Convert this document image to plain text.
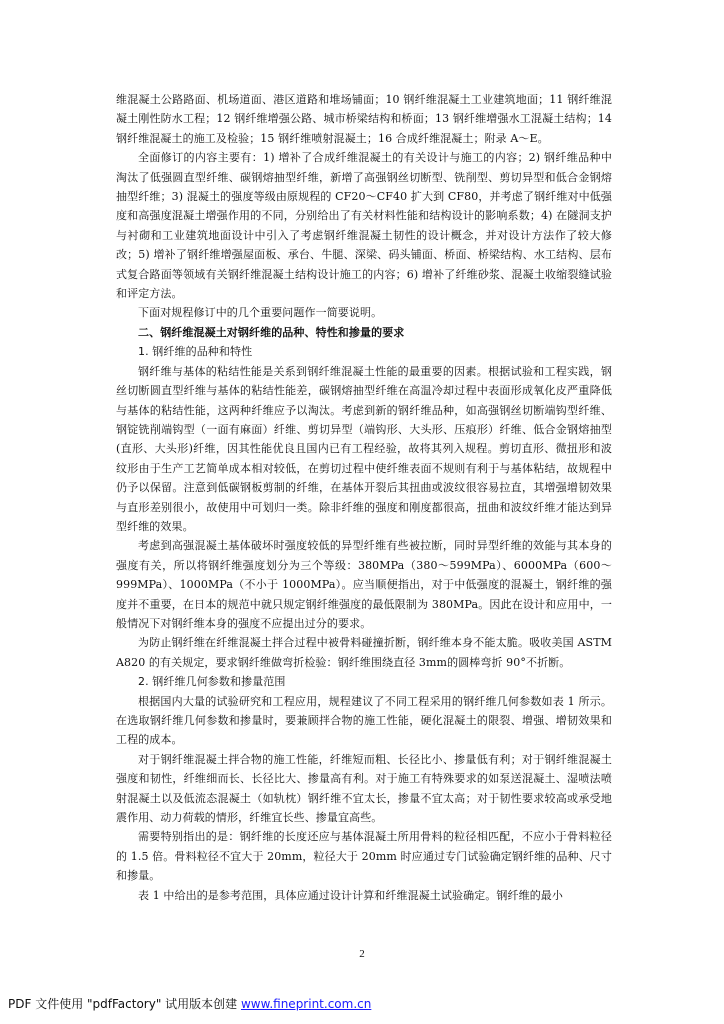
维混凝土公路路面、机场道面、港区道路和堆场铺面；10 钢纤维混凝土工业建筑地面；11 钢纤维混凝土刚性防水工程；12 钢纤维增强公路、城市桥梁结构和桥面；13 钢纤维增强水工混凝土结构；14 钢纤维混凝土的施工及检验；15 钢纤维喷射混凝土；16 合成纤维混凝土；附录 A～E。

全面修订的内容主要有：1) 增补了合成纤维混凝土的有关设计与施工的内容；2) 钢纤维品种中淘汰了低强圆直型纤维、碳钢熔抽型纤维，新增了高强钢丝切断型、铣削型、剪切异型和低合金钢熔抽型纤维；3) 混凝土的强度等级由原规程的 CF20～CF40 扩大到 CF80，并考虑了钢纤维对中低强度和高强度混凝土增强作用的不同，分别给出了有关材料性能和结构设计的影响系数；4) 在隧洞支护与衬砌和工业建筑地面设计中引入了考虑钢纤维混凝土韧性的设计概念，并对设计方法作了较大修改；5) 增补了钢纤维增强屋面板、承台、牛腿、深梁、码头铺面、桥面、桥梁结构、水工结构、层布式复合路面等领域有关钢纤维混凝土结构设计施工的内容；6) 增补了纤维砂浆、混凝土收缩裂缝试验和评定方法。

下面对规程修订中的几个重要问题作一简要说明。

二、钢纤维混凝土对钢纤维的品种、特性和掺量的要求

1. 钢纤维的品种和特性

钢纤维与基体的粘结性能是关系到钢纤维混凝土性能的最重要的因素。根据试验和工程实践，钢丝切断圆直型纤维与基体的粘结性能差，碳钢熔抽型纤维在高温冷却过程中表面形成氧化皮严重降低与基体的粘结性能，这两种纤维应予以淘汰。考虑到新的钢纤维品种，如高强钢丝切断端钩型纤维、钢锭铣削端钩型（一面有麻面）纤维、剪切异型（端钩形、大头形、压痕形）纤维、低合金钢熔抽型(直形、大头形)纤维，因其性能优良且国内已有工程经验，故将其列入规程。剪切直形、微扭形和波纹形由于生产工艺简单成本相对较低，在剪切过程中使纤维表面不规则有利于与基体粘结，故规程中仍予以保留。注意到低碳钢板剪制的纤维，在基体开裂后其扭曲或波纹很容易拉直，其增强增韧效果与直形差别很小，故使用中可划归一类。除非纤维的强度和刚度都很高，扭曲和波纹纤维才能达到异型纤维的效果。

考虑到高强混凝土基体破坏时强度较低的异型纤维有些被拉断，同时异型纤维的效能与其本身的强度有关，所以将钢纤维强度划分为三个等级：380MPa（380～599MPa）、6000MPa（600～999MPa）、1000MPa（不小于 1000MPa）。应当顺便指出，对于中低强度的混凝土，钢纤维的强度并不重要，在日本的规范中就只规定钢纤维强度的最低限制为 380MPa。因此在设计和应用中，一般情况下对钢纤维本身的强度不应提出过分的要求。

为防止钢纤维在纤维混凝土拌合过程中被骨料碰撞折断，钢纤维本身不能太脆。吸收美国 ASTM A820 的有关规定，要求钢纤维做弯折检验：钢纤维围绕直径 3mm的圆棒弯折 90°不折断。

2. 钢纤维几何参数和掺量范围

根据国内大量的试验研究和工程应用，规程建议了不同工程采用的钢纤维几何参数如表 1 所示。在选取钢纤维几何参数和掺量时，要兼顾拌合物的施工性能，硬化混凝土的限裂、增强、增韧效果和工程的成本。

对于钢纤维混凝土拌合物的施工性能，纤维短而粗、长径比小、掺量低有利；对于钢纤维混凝土强度和韧性，纤维细而长、长径比大、掺量高有利。对于施工有特殊要求的如泵送混凝土、湿喷法喷射混凝土以及低流态混凝土（如轨枕）钢纤维不宜太长，掺量不宜太高；对于韧性要求较高或承受地震作用、动力荷载的情形，纤维宜长些、掺量宜高些。

需要特别指出的是：钢纤维的长度还应与基体混凝土所用骨料的粒径相匹配，不应小于骨料粒径的 1.5 倍。骨料粒径不宜大于 20mm，粒径大于 20mm 时应通过专门试验确定钢纤维的品种、尺寸和掺量。

表 1 中给出的是参考范围，具体应通过设计计算和纤维混凝土试验确定。钢纤维的最小

2
PDF 文件使用 "pdfFactory" 试用版本创建 www.fineprint.com.cn
